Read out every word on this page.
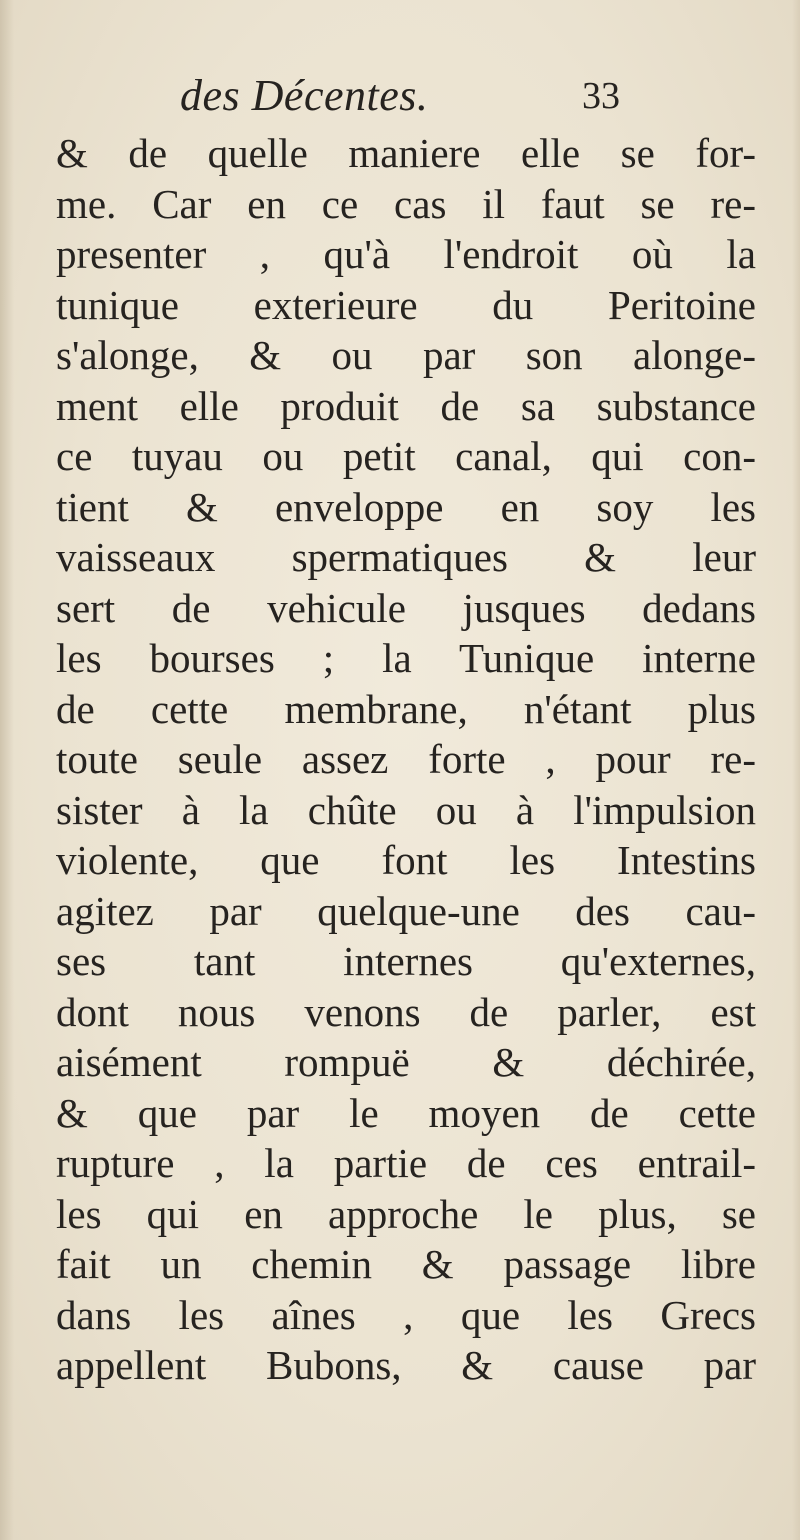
des Décentes.	33
& de quelle maniere elle se for-
me. Car en ce cas il faut se re-
presenter , qu'à l'endroit où la
tunique exterieure du Peritoine
s'alonge, & ou par son alonge-
ment elle produit de sa substance
ce tuyau ou petit canal, qui con-
tient & enveloppe en soy les
vaisseaux spermatiques & leur
sert de vehicule jusques dedans
les bourses ; la Tunique interne
de cette membrane, n'étant plus
toute seule assez forte , pour re-
sister à la chûte ou à l'impulsion
violente, que font les Intestins
agitez par quelque-une des cau-
ses tant internes qu'externes,
dont nous venons de parler, est
aisément rompuë & déchirée,
& que par le moyen de cette
rupture , la partie de ces entrail-
les qui en approche le plus, se
fait un chemin & passage libre
dans les aînes , que les Grecs
appellent Bubons, & cause par
